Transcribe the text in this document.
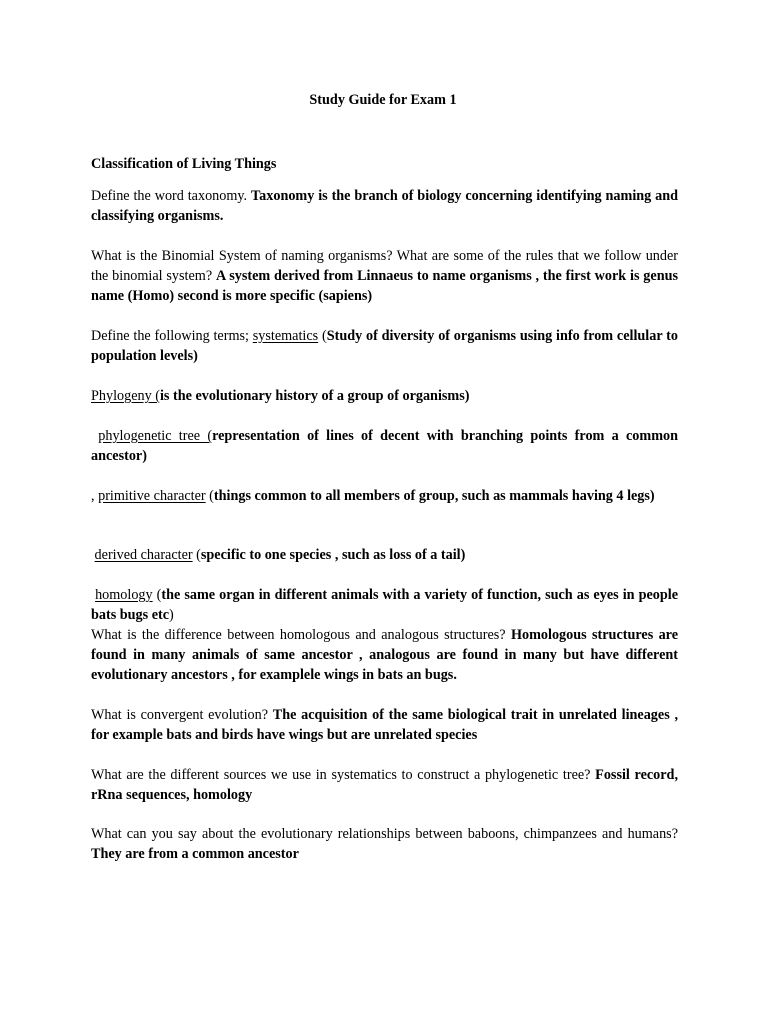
Study Guide for Exam 1
Classification of Living Things

Define the word taxonomy. Taxonomy is the branch of biology concerning identifying naming and classifying organisms.

What is the Binomial System of naming organisms? What are some of the rules that we follow under the binomial system? A system derived from Linnaeus to name organisms , the first work is genus name (Homo) second is more specific (sapiens)

Define the following terms; systematics (Study of diversity of organisms using info from cellular to population levels)

Phylogeny (is the evolutionary history of a group of organisms)

phylogenetic tree (representation of lines of decent with branching points from a common ancestor)

, primitive character (things common to all members of group, such as mammals having 4 legs)

derived character (specific to one species , such as loss of a tail)

homology (the same organ in different animals with a variety of function, such as eyes in people bats bugs etc)

What is the difference between homologous and analogous structures? Homologous structures are found in many animals of same ancestor , analogous are found in many but have different evolutionary ancestors , for examplele wings in bats an bugs.

What is convergent evolution? The acquisition of the same biological trait in unrelated lineages , for example bats and birds have wings but are unrelated species

What are the different sources we use in systematics to construct a phylogenetic tree? Fossil record, rRna sequences, homology

What can you say about the evolutionary relationships between baboons, chimpanzees and humans? They are from a common ancestor
